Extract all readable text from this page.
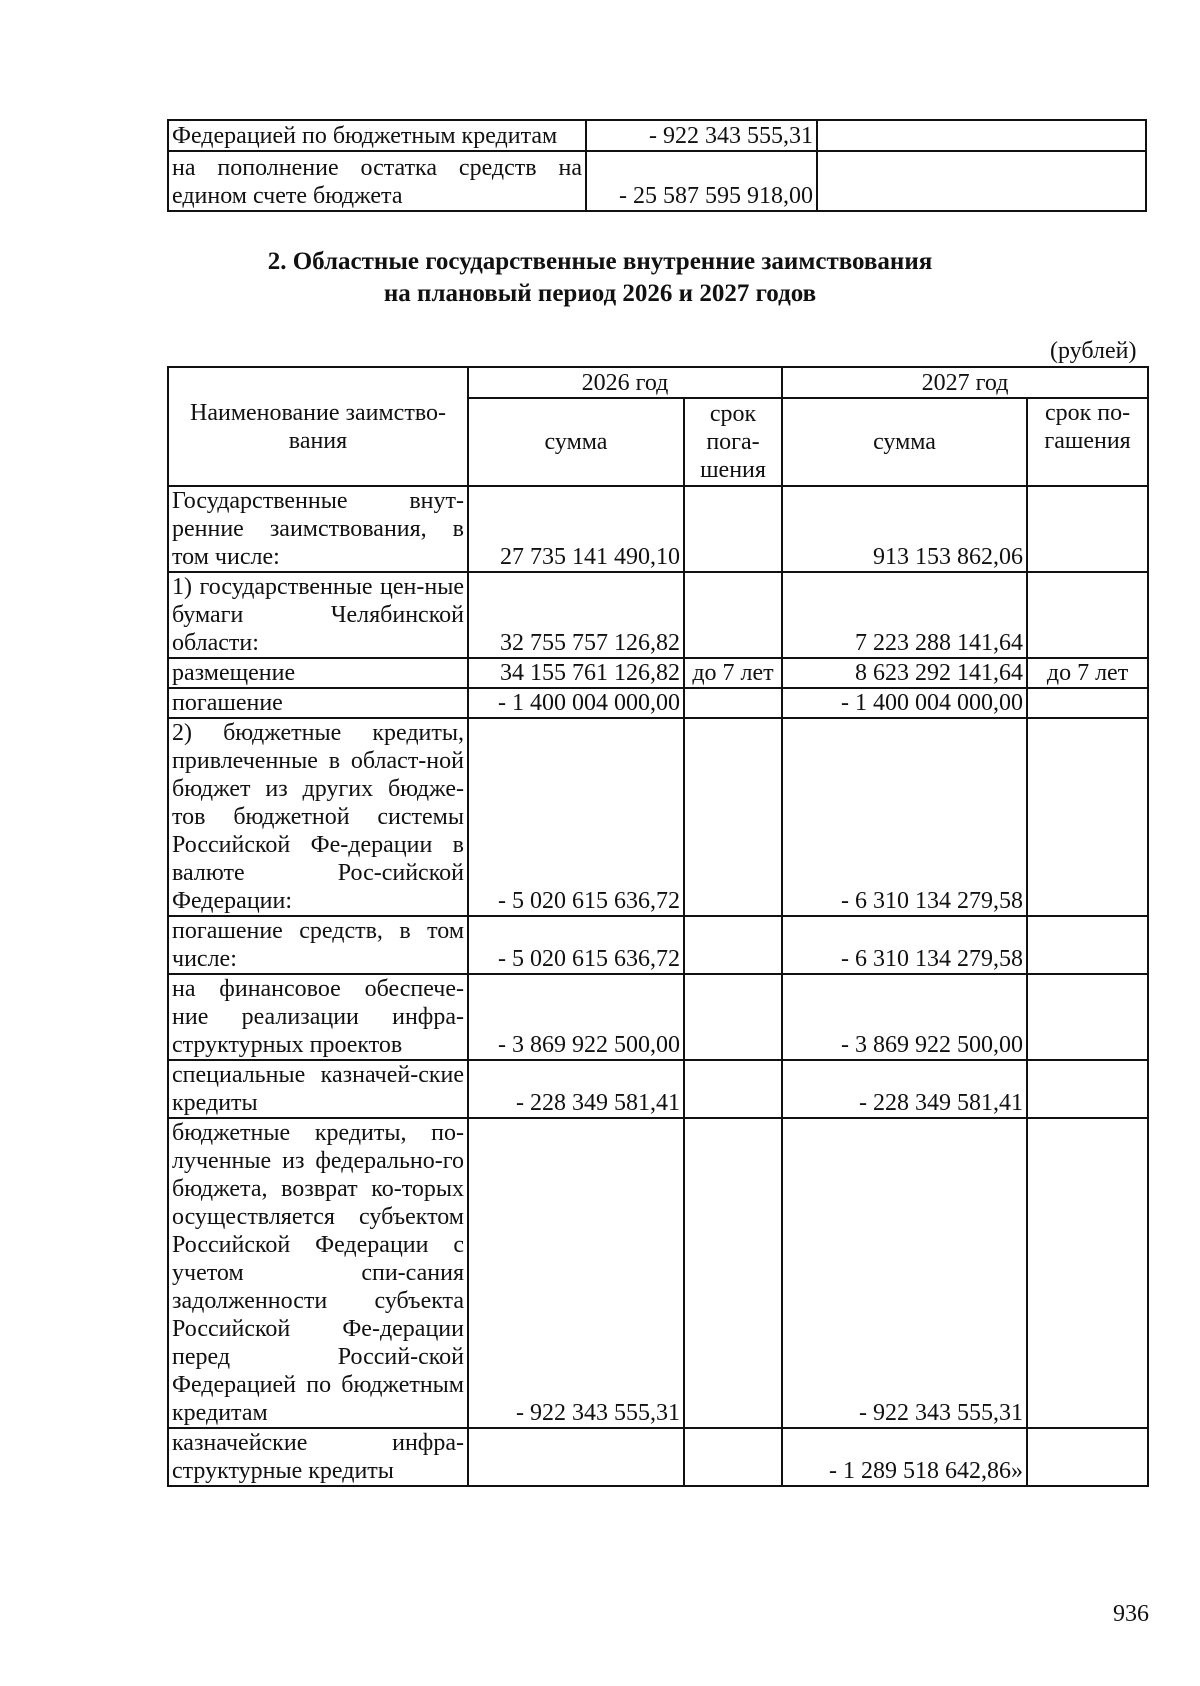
Федерацией по бюджетным кредитам	- 922 343 555,31	
на пополнение остатка средств на едином счете бюджета	- 25 587 595 918,00	
2. Областные государственные внутренние заимствования
на плановый период 2026 и 2027 годов
(рублей)
Наименование заимство-вания	2026 год		2027 год	
	сумма	срок пога-шения	сумма	срок по-гашения
Государственные внут-ренние заимствования, в том числе:	27 735 141 490,10		913 153 862,06	
1) государственные цен-ные бумаги Челябинской области:	32 755 757 126,82		7 223 288 141,64	
размещение	34 155 761 126,82	до 7 лет	8 623 292 141,64	до 7 лет
погашение	- 1 400 004 000,00		- 1 400 004 000,00	
2) бюджетные кредиты, привлеченные в област-ной бюджет из других бюдже-тов бюджетной системы Российской Фе-дерации в валюте Рос-сийской Федерации:	- 5 020 615 636,72		- 6 310 134 279,58	
погашение средств, в том числе:	- 5 020 615 636,72		- 6 310 134 279,58	
на финансовое обеспече-ние реализации инфра-структурных проектов	- 3 869 922 500,00		- 3 869 922 500,00	
специальные казначей-ские кредиты	- 228 349 581,41		- 228 349 581,41	
бюджетные кредиты, по-лученные из федерально-го бюджета, возврат ко-торых осуществляется субъектом Российской Федерации с учетом спи-сания задолженности субъекта Российской Фе-дерации перед Россий-ской Федерацией по бюджетным кредитам	- 922 343 555,31		- 922 343 555,31	
казначейские инфра-структурные кредиты			- 1 289 518 642,86»	
936
